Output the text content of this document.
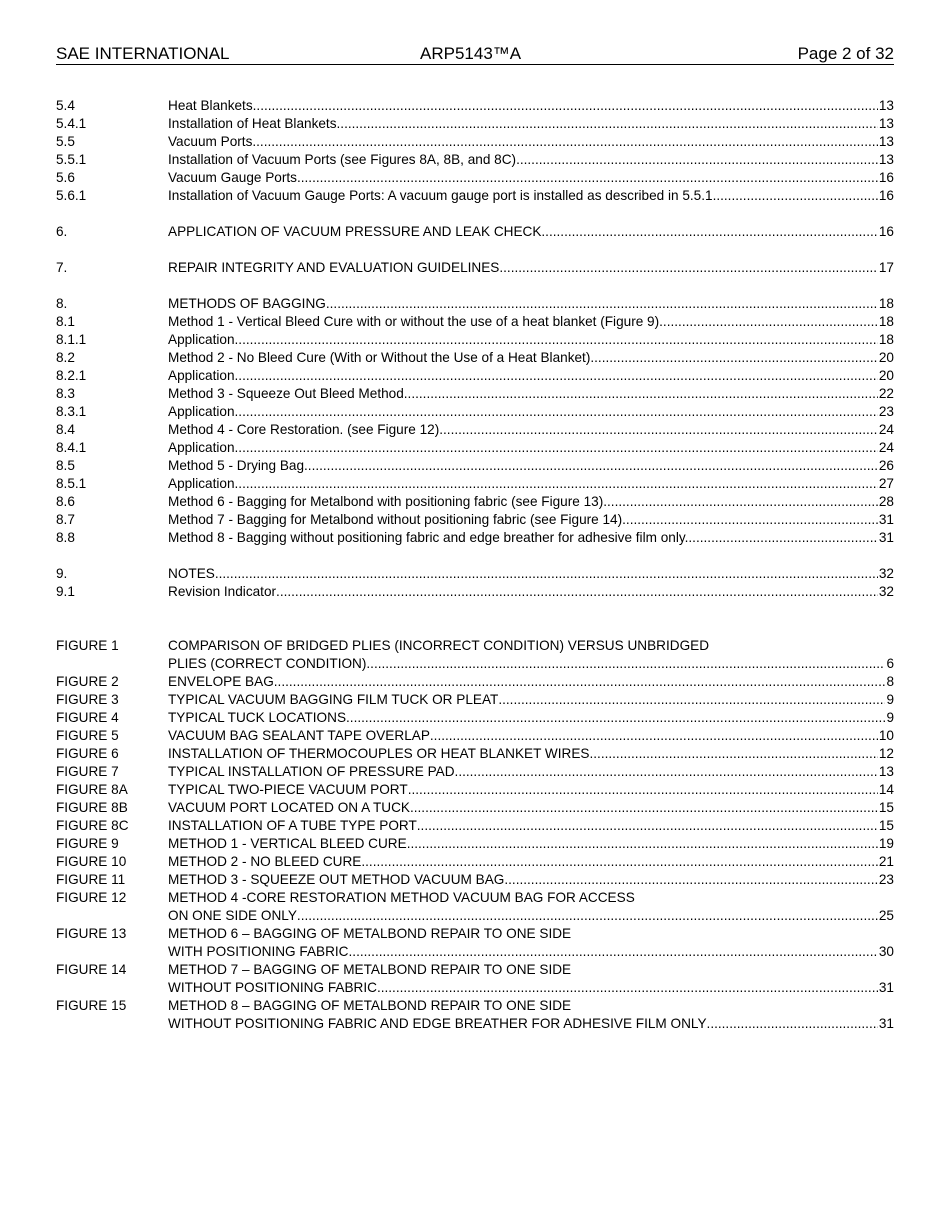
SAE INTERNATIONAL	ARP5143™A	Page 2 of 32
5.4	Heat Blankets .....	13
5.4.1	Installation of Heat Blankets .....	13
5.5	Vacuum Ports .....	13
5.5.1	Installation of Vacuum Ports (see Figures 8A, 8B, and 8C) .....	13
5.6	Vacuum Gauge Ports .....	16
5.6.1	Installation of Vacuum Gauge Ports: A vacuum gauge port is installed as described in 5.5.1 .....	16
6.	APPLICATION OF VACUUM PRESSURE AND LEAK CHECK .....	16
7.	REPAIR INTEGRITY AND EVALUATION GUIDELINES .....	17
8.	METHODS OF BAGGING .....	18
8.1	Method 1 - Vertical Bleed Cure with or without the use of a heat blanket (Figure 9) .....	18
8.1.1	Application .....	18
8.2	Method 2 - No Bleed Cure (With or Without the Use of a Heat Blanket) .....	20
8.2.1	Application .....	20
8.3	Method 3 - Squeeze Out Bleed Method .....	22
8.3.1	Application .....	23
8.4	Method 4 - Core Restoration. (see Figure 12) .....	24
8.4.1	Application .....	24
8.5	Method 5 - Drying Bag .....	26
8.5.1	Application .....	27
8.6	Method 6 - Bagging for Metalbond with positioning fabric (see Figure 13). .....	28
8.7	Method 7 - Bagging for Metalbond without positioning fabric (see Figure 14) .....	31
8.8	Method 8 - Bagging without positioning fabric and edge breather for adhesive film only. .....	31
9.	NOTES .....	32
9.1	Revision Indicator .....	32
FIGURE 1	COMPARISON OF BRIDGED PLIES (INCORRECT CONDITION) VERSUS UNBRIDGED
PLIES (CORRECT CONDITION) .....	6
FIGURE 2	ENVELOPE BAG .....	8
FIGURE 3	TYPICAL VACUUM BAGGING FILM TUCK OR PLEAT .....	9
FIGURE 4	TYPICAL TUCK LOCATIONS .....	9
FIGURE 5	VACUUM BAG SEALANT TAPE OVERLAP .....	10
FIGURE 6	INSTALLATION OF THERMOCOUPLES OR HEAT BLANKET WIRES .....	12
FIGURE 7	TYPICAL INSTALLATION OF PRESSURE PAD .....	13
FIGURE 8A	TYPICAL TWO-PIECE VACUUM PORT .....	14
FIGURE 8B	VACUUM PORT LOCATED ON A TUCK .....	15
FIGURE 8C	INSTALLATION OF A TUBE TYPE PORT .....	15
FIGURE 9	METHOD 1 - VERTICAL BLEED CURE .....	19
FIGURE 10	METHOD 2 - NO BLEED CURE .....	21
FIGURE 11	METHOD 3 - SQUEEZE OUT METHOD VACUUM BAG .....	23
FIGURE 12	METHOD 4 -CORE RESTORATION METHOD VACUUM BAG FOR ACCESS
ON ONE SIDE ONLY .....	25
FIGURE 13	METHOD 6 – BAGGING OF METALBOND REPAIR TO ONE SIDE
WITH POSITIONING FABRIC .....	30
FIGURE 14	METHOD 7 – BAGGING OF METALBOND REPAIR TO ONE SIDE
WITHOUT POSITIONING FABRIC .....	31
FIGURE 15	METHOD 8 – BAGGING OF METALBOND REPAIR TO ONE SIDE
WITHOUT POSITIONING FABRIC AND EDGE BREATHER FOR ADHESIVE FILM ONLY .....	31
